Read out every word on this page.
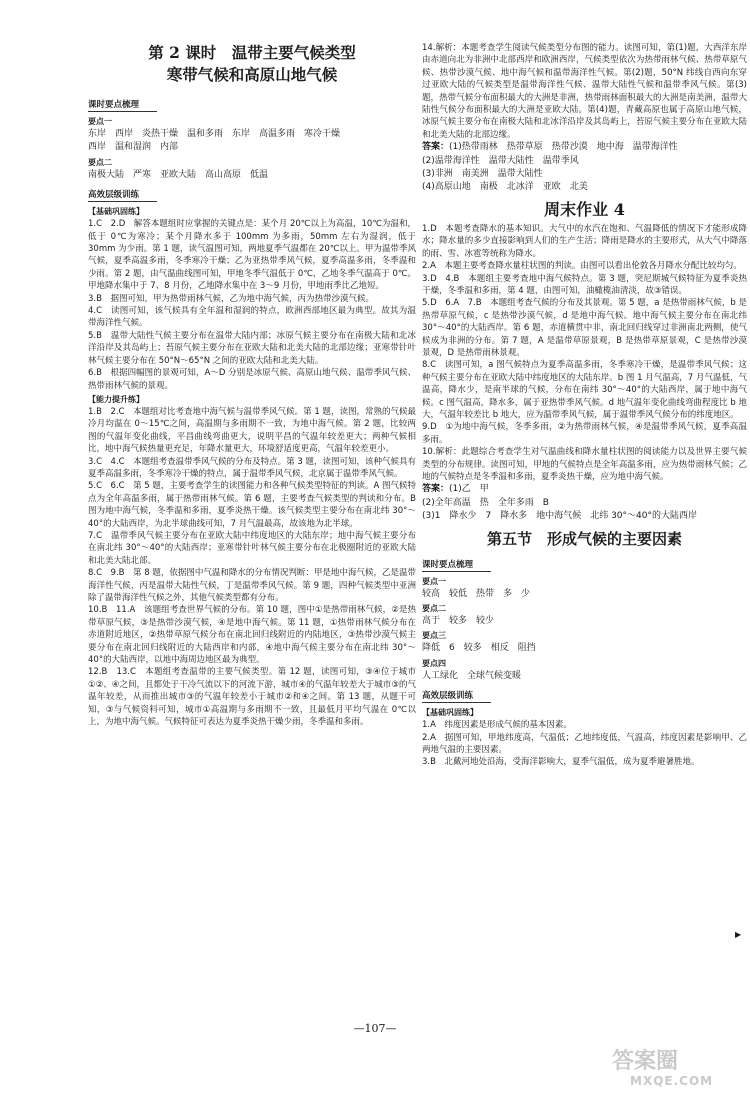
第 2 课时　温带主要气候类型

寒带气候和高原山地气候

课时要点梳理
要点一

东岸　西岸　炎热干燥　温和多雨　东岸　高温多雨　寒冷干燥

西岸　温和湿润　内部

要点二

南极大陆　严寒　亚欧大陆　高山高原　低温

高效层级训练
【基础巩固练】

1.C　2.D　解答本题组时应掌握的关键点是：某个月 20℃以上为高温，10℃为温和，低于 0℃为寒冷；某个月降水多于 100mm 为多雨，50mm 左右为湿润，低于 30mm 为少雨。第 1 题，读气温图可知，两地夏季气温都在 20℃以上。甲为温带季风气候，夏季高温多雨，冬季寒冷干燥；乙为亚热带季风气候，夏季高温多雨，冬季温和少雨。第 2 题，由气温曲线图可知，甲地冬季气温低于 0℃，乙地冬季气温高于 0℃。甲地降水集中于 7、8 月份，乙地降水集中在 3～9 月份，甲地雨季比乙地短。

3.B　据图可知，甲为热带雨林气候，乙为地中海气候，丙为热带沙漠气候。

4.C　读图可知，该气候具有全年温和湿润的特点，欧洲西部地区最为典型。故其为温带海洋性气候。

5.B　温带大陆性气候主要分布在温带大陆内部；冰原气候主要分布在南极大陆和北冰洋沿岸及其岛屿上；苔原气候主要分布在亚欧大陆和北美大陆的北部边缘；亚寒带针叶林气候主要分布在 50°N～65°N 之间的亚欧大陆和北美大陆。

6.B　根据四幅图的景观可知，A～D 分别是冰原气候、高原山地气候、温带季风气候、热带雨林气候的景观。

【能力提升练】

1.B　2.C　本题组对比考查地中海气候与温带季风气候。第 1 题，读图，常熟的气候最冷月均温在 0～15℃之间，高温期与多雨期不一致，为地中海气候。第 2 题，比较两图的气温年变化曲线，平昌曲线弯曲更大，说明平昌的气温年较差更大；两种气候相比，地中海气候热量更充足，年降水量更大，环境舒适度更高，气温年较差更小。

3.C　4.C　本题组考查温带季风气候的分布及特点。第 3 题，读图可知，该种气候具有夏季高温多雨，冬季寒冷干燥的特点，属于温带季风气候，北京属于温带季风气候。

5.C　6.C　第 5 题，主要考查学生的读图能力和各种气候类型特征的判读。A 图气候特点为全年高温多雨，属于热带雨林气候。第 6 题，主要考查气候类型的判读和分布。B 图为地中海气候，冬季温和多雨，夏季炎热干燥。该气候类型主要分布在南北纬 30°～40°的大陆西岸，为北半球曲线可知，7 月气温最高，故该地为北半球。

7.C　温带季风气候主要分布在亚欧大陆中纬度地区的大陆东岸；地中海气候主要分布在南北纬 30°～40°的大陆西岸；亚寒带针叶林气候主要分布在北极圈附近的亚欧大陆和北美大陆北部。

8.C　9.B　第 8 题，依据图中气温和降水的分布情况判断：甲是地中海气候，乙是温带海洋性气候，丙是温带大陆性气候，丁是温带季风气候。第 9 题，四种气候类型中亚洲除了温带海洋性气候之外，其他气候类型都有分布。

10.B　11.A　该题组考查世界气候的分布。第 10 题，图中①是热带雨林气候，②是热带草原气候，③是热带沙漠气候，④是地中海气候。第 11 题，①热带雨林气候分布在赤道附近地区，②热带草原气候分布在南北回归线附近的内陆地区，③热带沙漠气候主要分布在南北回归线附近的大陆西岸和内部，④地中海气候主要分布在南北纬 30°～40°的大陆西岸，以地中海周边地区最为典型。

12.B　13.C　本题组考查温带的主要气候类型。第 12 题，读图可知，③④位于城市①②、④之间，且都处于干冷气流以下的河流下游，城市④的气温年较差大于城市③的气温年较差，从而推出城市③的气温年较差小于城市②和④之间。第 13 题，从题干可知，③与气候资料可知，城市①高温期与多雨期不一致，且最低月平均气温在 0℃以上，为地中海气候。气候特征可表达为夏季炎热干燥少雨，冬季温和多雨。

14.解析：本题考查学生阅读气候类型分布图的能力。读图可知，第(1)题，大西洋东岸由赤道向北为非洲中北部西岸和欧洲西岸，气候类型依次为热带雨林气候、热带草原气候、热带沙漠气候、地中海气候和温带海洋性气候。第(2)题，50°N 纬线自西向东穿过亚欧大陆的气候类型是温带海洋性气候、温带大陆性气候和温带季风气候。第(3)题，热带气候分布面积最大的大洲是非洲，热带雨林面积最大的大洲是南美洲，温带大陆性气候分布面积最大的大洲是亚欧大陆。第(4)题，青藏高原也属于高原山地气候，冰原气候主要分布在南极大陆和北冰洋沿岸及其岛屿上，苔原气候主要分布在亚欧大陆和北美大陆的北部边缘。

答案：(1)热带雨林　热带草原　热带沙漠　地中海　温带海洋性

(2)温带海洋性　温带大陆性　温带季风

(3)非洲　南美洲　温带大陆性

(4)高原山地　南极　北冰洋　亚欧　北美

周末作业 4

1.D　本题考查降水的基本知识。大气中的水汽在饱和、气温降低的情况下才能形成降水；降水量的多少直接影响到人们的生产生活；降雨是降水的主要形式，从大气中降落的雨、雪、冰雹等统称为降水。

2.A　本题主要考查降水量柱状图的判读。由图可以看出伦敦各月降水分配比较均匀。

3.D　4.B　本题组主要考查地中海气候特点。第 3 题，突尼斯城气候特征为夏季炎热干燥，冬季温和多雨，第 4 题，由图可知，油橄榄油清淡，故③错误。

5.D　6.A　7.B　本题组考查气候的分布及其景观。第 5 题，a 是热带雨林气候，b 是热带草原气候，c 是热带沙漠气候，d 是地中海气候。地中海气候主要分布在南北纬 30°～40°的大陆西岸。第 6 题，赤道横贯中非，南北回归线穿过非洲南北两侧，使气候成为非洲的分布。第 7 题，A 是温带草原景观，B 是热带草原景观，C 是热带沙漠景观，D 是热带雨林景观。

8.C　读图可知，a 图气候特点为夏季高温多雨，冬季寒冷干燥，是温带季风气候；这种气候主要分布在亚欧大陆中纬度地区的大陆东岸。b 图 1 月气温高，7 月气温低，气温高，降水少，是南半球的气候，分布在南纬 30°～40°的大陆西岸，属于地中海气候。c 图气温高，降水多，属于亚热带季风气候。d 地气温年变化曲线弯曲程度比 b 地大，气温年较差比 b 地大，应为温带季风气候，属于温带季风气候分布的纬度地区。

9.D　①为地中海气候，冬季多雨，②为热带雨林气候，④是温带季风气候，夏季高温多雨。

10.解析：此题综合考查学生对气温曲线和降水量柱状图的阅读能力以及世界主要气候类型的分布规律。读图可知，甲地的气候特点是全年高温多雨，应为热带雨林气候；乙地的气候特点是冬季温和多雨，夏季炎热干燥，应为地中海气候。

答案：(1)乙　甲

(2)全年高温　热　全年多雨　B

(3)1　降水少　7　降水多　地中海气候　北纬 30°～40°的大陆西岸

第五节　形成气候的主要因素
课时要点梳理
要点一

较高　较低　热带　多　少

要点二

高于　较多　较少

要点三

降低　6　较多　相反　阻挡

要点四

人工绿化　全球气候变暖

高效层级训练
【基础巩固练】

1.A　纬度因素是形成气候的基本因素。

2.A　据图可知，甲地纬度高，气温低；乙地纬度低，气温高，纬度因素是影响甲、乙两地气温的主要因素。

3.B　北戴河地处沿海，受海洋影响大，夏季气温低，成为夏季避暑胜地。

▶
—107—
答案圈
MXQE.COM
